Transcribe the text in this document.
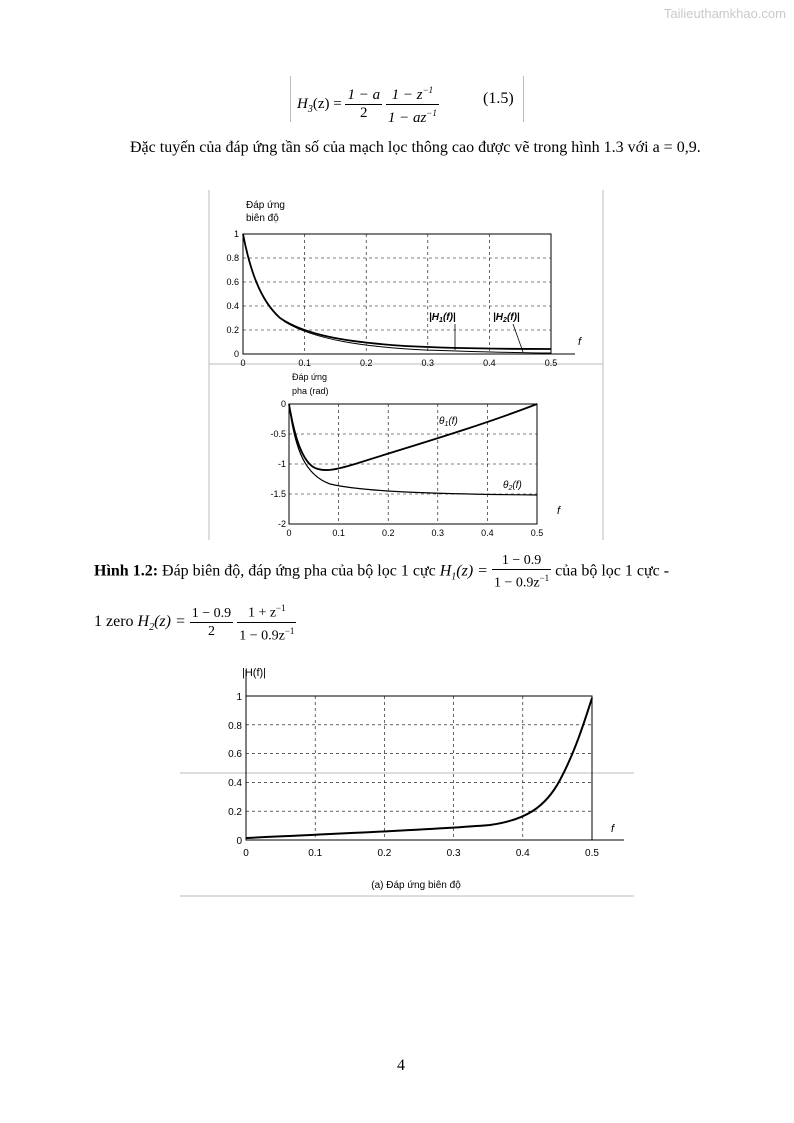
Tailieuthamkhao.com
$H_3(z) = \frac{1 - a}{2}$
$\frac{1 - z^{-1}}{1 - az^{-1}}$	(1.5)
Đặc tuyến của đáp ứng tần số của mạch lọc thông cao được vẽ trong hình 1.3 với a = 0,9.
Đáp ứng
biên độ
1
0.8
0.6
0.4
0.2
0
0	0.1	0.2	0.3	0.4	0.5
f
$|H_1(f)|$	$|H_2(f)|$
Đáp ứng
pha (rad)
0
-0.5
-1
-1.5
-2
0	0.1	0.2	0.3	0.4	0.5
f
$\theta_1(f)$
$\theta_2(f)$
Hình 1.2: Đáp biên độ, đáp ứng pha của bộ lọc 1 cực $H_1(z) = \frac{1 - 0.9}{1 - 0.9z^{-1}}$ của bộ lọc 1 cực -
1 zero $H_2(z) = \frac{1 - 0.9}{2}$
$\frac{1 + z^{-1}}{1 - 0.9z^{-1}}$
|H(f)|
1
0.8
0.6
0.4
0.2
0
0	0.1	0.2	0.3	0.4	0.5
f
(a) Đáp ứng biên độ
4
